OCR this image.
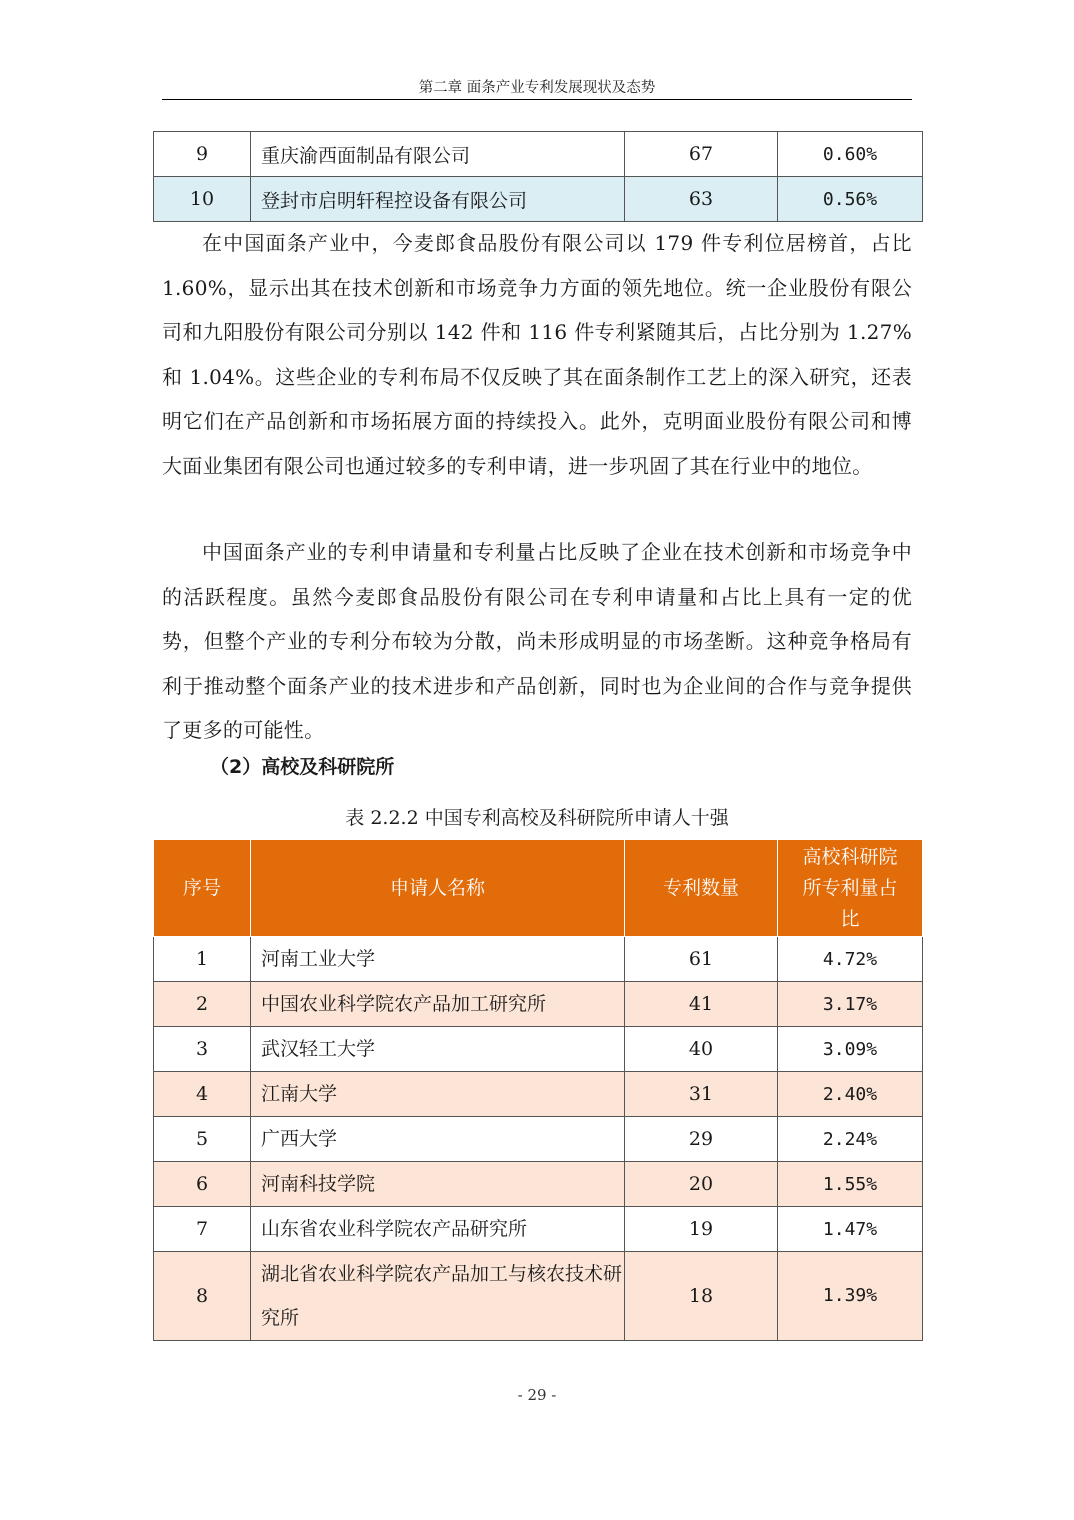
第二章 面条产业专利发展现状及态势
9	重庆渝西面制品有限公司	67	0.60%
10	登封市启明轩程控设备有限公司	63	0.56%

在中国面条产业中，今麦郎食品股份有限公司以 179 件专利位居榜首，占比 1.60%，显示出其在技术创新和市场竞争力方面的领先地位。统一企业股份有限公司和九阳股份有限公司分别以 142 件和 116 件专利紧随其后，占比分别为 1.27%和 1.04%。这些企业的专利布局不仅反映了其在面条制作工艺上的深入研究，还表明它们在产品创新和市场拓展方面的持续投入。此外，克明面业股份有限公司和博大面业集团有限公司也通过较多的专利申请，进一步巩固了其在行业中的地位。

中国面条产业的专利申请量和专利量占比反映了企业在技术创新和市场竞争中的活跃程度。虽然今麦郎食品股份有限公司在专利申请量和占比上具有一定的优势，但整个产业的专利分布较为分散，尚未形成明显的市场垄断。这种竞争格局有利于推动整个面条产业的技术进步和产品创新，同时也为企业间的合作与竞争提供了更多的可能性。

（2）高校及科研院所
表 2.2.2 中国专利高校及科研院所申请人十强
序号	申请人名称	专利数量	高校科研院所专利量占比
1	河南工业大学	61	4.72%
2	中国农业科学院农产品加工研究所	41	3.17%
3	武汉轻工大学	40	3.09%
4	江南大学	31	2.40%
5	广西大学	29	2.24%
6	河南科技学院	20	1.55%
7	山东省农业科学院农产品研究所	19	1.47%
8	湖北省农业科学院农产品加工与核农技术研究所	18	1.39%
- 29 -
